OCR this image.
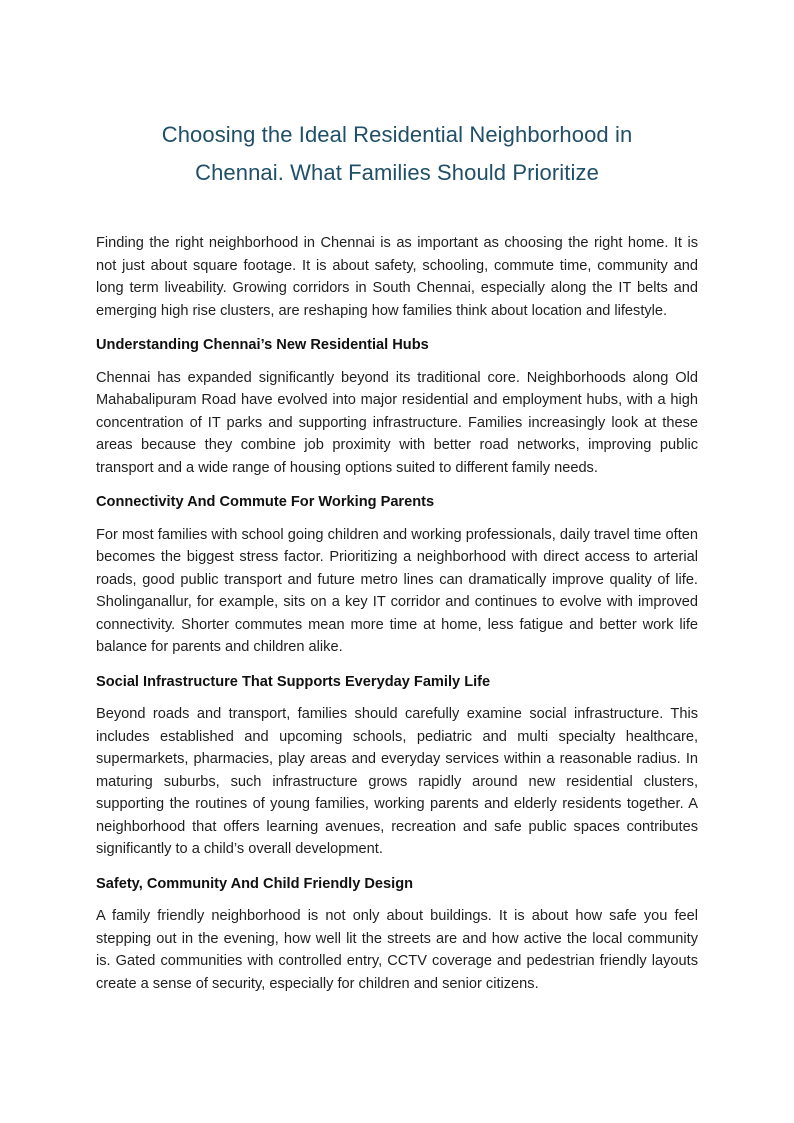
Choosing the Ideal Residential Neighborhood in
Chennai. What Families Should Prioritize

Finding the right neighborhood in Chennai is as important as choosing the right home. It is not just about square footage. It is about safety, schooling, commute time, community and long term liveability. Growing corridors in South Chennai, especially along the IT belts and emerging high rise clusters, are reshaping how families think about location and lifestyle.

Understanding Chennai’s New Residential Hubs

Chennai has expanded significantly beyond its traditional core. Neighborhoods along Old Mahabalipuram Road have evolved into major residential and employment hubs, with a high concentration of IT parks and supporting infrastructure. Families increasingly look at these areas because they combine job proximity with better road networks, improving public transport and a wide range of housing options suited to different family needs.

Connectivity And Commute For Working Parents

For most families with school going children and working professionals, daily travel time often becomes the biggest stress factor. Prioritizing a neighborhood with direct access to arterial roads, good public transport and future metro lines can dramatically improve quality of life. Sholinganallur, for example, sits on a key IT corridor and continues to evolve with improved connectivity. Shorter commutes mean more time at home, less fatigue and better work life balance for parents and children alike.

Social Infrastructure That Supports Everyday Family Life

Beyond roads and transport, families should carefully examine social infrastructure. This includes established and upcoming schools, pediatric and multi specialty healthcare, supermarkets, pharmacies, play areas and everyday services within a reasonable radius. In maturing suburbs, such infrastructure grows rapidly around new residential clusters, supporting the routines of young families, working parents and elderly residents together. A neighborhood that offers learning avenues, recreation and safe public spaces contributes significantly to a child’s overall development.

Safety, Community And Child Friendly Design

A family friendly neighborhood is not only about buildings. It is about how safe you feel stepping out in the evening, how well lit the streets are and how active the local community is. Gated communities with controlled entry, CCTV coverage and pedestrian friendly layouts create a sense of security, especially for children and senior citizens.
